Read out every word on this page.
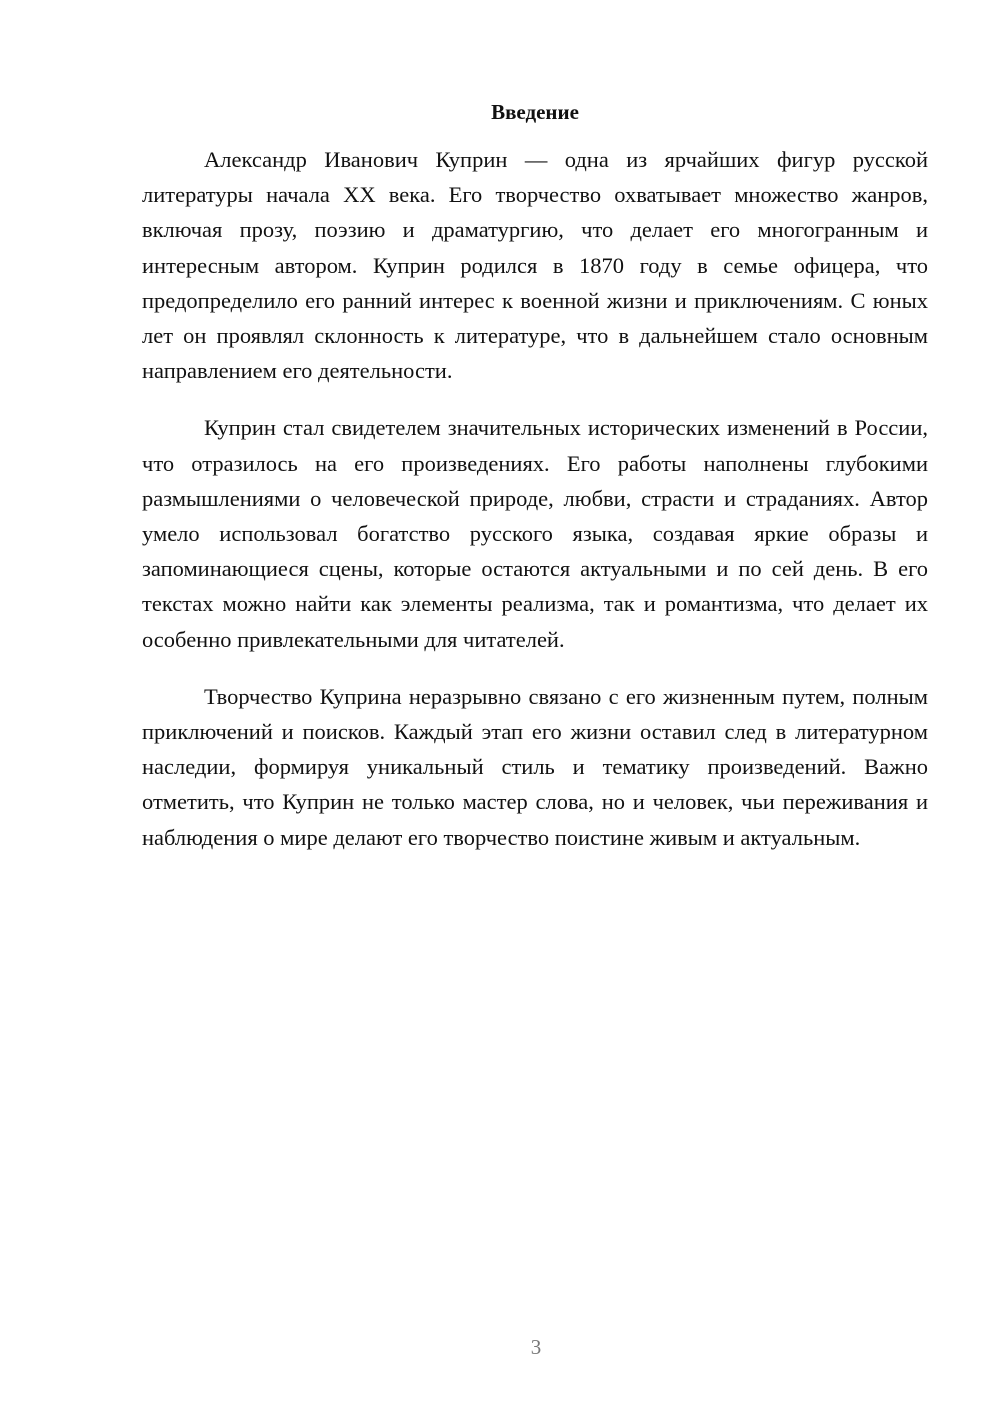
Введение

Александр Иванович Куприн — одна из ярчайших фигур русской литературы начала XX века. Его творчество охватывает множество жанров, включая прозу, поэзию и драматургию, что делает его многогранным и интересным автором. Куприн родился в 1870 году в семье офицера, что предопределило его ранний интерес к военной жизни и приключениям. С юных лет он проявлял склонность к литературе, что в дальнейшем стало основным направлением его деятельности.

Куприн стал свидетелем значительных исторических изменений в России, что отразилось на его произведениях. Его работы наполнены глубокими размышлениями о человеческой природе, любви, страсти и страданиях. Автор умело использовал богатство русского языка, создавая яркие образы и запоминающиеся сцены, которые остаются актуальными и по сей день. В его текстах можно найти как элементы реализма, так и романтизма, что делает их особенно привлекательными для читателей.

Творчество Куприна неразрывно связано с его жизненным путем, полным приключений и поисков. Каждый этап его жизни оставил след в литературном наследии, формируя уникальный стиль и тематику произведений. Важно отметить, что Куприн не только мастер слова, но и человек, чьи переживания и наблюдения о мире делают его творчество поистине живым и актуальным.

3
